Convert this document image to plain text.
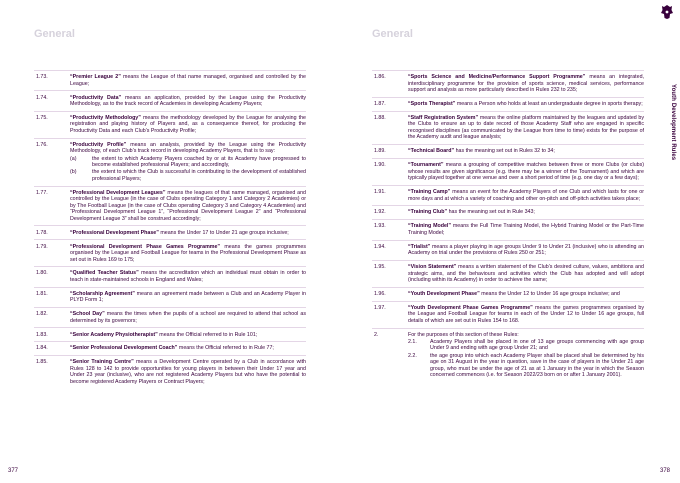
General	General
Youth Development Rules
1.73.	“Premier League 2” means the League of that name managed, organised and controlled by the League;
1.74.	“Productivity Data” means an application, provided by the League using the Productivity Methodology, as to the track record of Academies in developing Academy Players;
1.75.	“Productivity Methodology” means the methodology developed by the League for analysing the registration and playing history of Players and, as a consequence thereof, for producing the Productivity Data and each Club’s Productivity Profile;
1.76.	“Productivity Profile” means an analysis, provided by the League using the Productivity Methodology, of each Club’s track record in developing Academy Players, that is to say:
(a)	the extent to which Academy Players coached by or at its Academy have progressed to become established professional Players; and accordingly,
(b)	the extent to which the Club is successful in contributing to the development of established professional Players;
1.77.	“Professional Development Leagues” means the leagues of that name managed, organised and controlled by the League (in the case of Clubs operating Category 1 and Category 2 Academies) or by The Football League (in the case of Clubs operating Category 3 and Category 4 Academies) and “Professional Development League 1”, “Professional Development League 2” and “Professional Development League 3” shall be construed accordingly;
1.78.	“Professional Development Phase” means the Under 17 to Under 21 age groups inclusive;
1.79.	“Professional Development Phase Games Programme” means the games programmes organised by the League and Football League for teams in the Professional Development Phase as set out in Rules 169 to 175;
1.80.	“Qualified Teacher Status” means the accreditation which an individual must obtain in order to teach in state-maintained schools in England and Wales;
1.81.	“Scholarship Agreement” means an agreement made between a Club and an Academy Player in PLYD Form 1;
1.82.	“School Day” means the times when the pupils of a school are required to attend that school as determined by its governors;
1.83.	“Senior Academy Physiotherapist” means the Official referred to in Rule 101;
1.84.	“Senior Professional Development Coach” means the Official referred to in Rule 77;
1.85.	“Senior Training Centre” means a Development Centre operated by a Club in accordance with Rules 128 to 142 to provide opportunities for young players in between their Under 17 year and Under 23 year (inclusive), who are not registered Academy Players but who have the potential to become registered Academy Players or Contract Players;
1.86.	“Sports Science and Medicine/Performance Support Programme” means an integrated, interdisciplinary programme for the provision of sports science, medical services, performance support and analysis as more particularly described in Rules 232 to 235;
1.87.	“Sports Therapist” means a Person who holds at least an undergraduate degree in sports therapy;
1.88.	“Staff Registration System” means the online platform maintained by the leagues and updated by the Clubs to ensure an up to date record of those Academy Staff who are engaged in specific recognised disciplines (as communicated by the League from time to time) exists for the purpose of the Academy audit and league analysis;
1.89.	“Technical Board” has the meaning set out in Rules 32 to 34;
1.90.	“Tournament” means a grouping of competitive matches between three or more Clubs (or clubs) whose results are given significance (e.g. there may be a winner of the Tournament) and which are typically played together at one venue and over a short period of time (e.g. one day or a few days);
1.91.	“Training Camp” means an event for the Academy Players of one Club and which lasts for one or more days and at which a variety of coaching and other on-pitch and off-pitch activities takes place;
1.92.	“Training Club” has the meaning set out in Rule 343;
1.93.	“Training Model” means the Full Time Training Model, the Hybrid Training Model or the Part-Time Training Model;
1.94.	“Trialist” means a player playing in age groups Under 9 to Under 21 (inclusive) who is attending an Academy on trial under the provisions of Rules 250 or 251;
1.95.	“Vision Statement” means a written statement of the Club’s desired culture, values, ambitions and strategic aims, and the behaviours and activities which the Club has adopted and will adopt (including within its Academy) in order to achieve the same;
1.96.	“Youth Development Phase” means the Under 12 to Under 16 age groups inclusive; and
1.97.	“Youth Development Phase Games Programme” means the games programmes organised by the League and Football League for teams in each of the Under 12 to Under 16 age groups, full details of which are set out in Rules 154 to 168.
2.	For the purposes of this section of these Rules:
2.1.	Academy Players shall be placed in one of 13 age groups commencing with age group Under 9 and ending with age group Under 21; and
2.2.	the age group into which each Academy Player shall be placed shall be determined by his age on 31 August in the year in question, save in the case of players in the Under 21 age group, who must be under the age of 21 as at 1 January in the year in which the Season concerned commences (i.e. for Season 2022/23 born on or after 1 January 2001).
377	378
